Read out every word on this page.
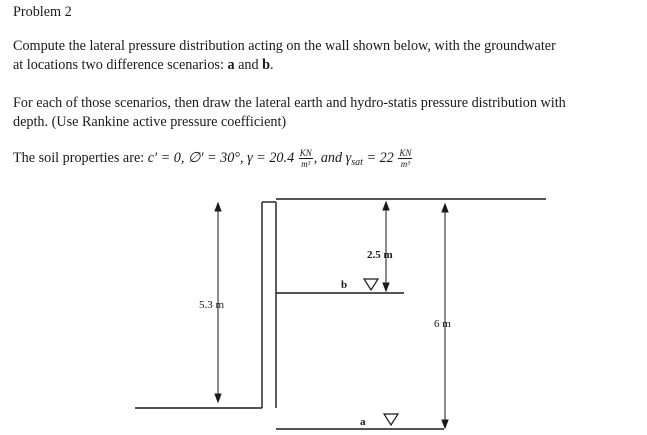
Problem 2
Compute the lateral pressure distribution acting on the wall shown below, with the groundwater
at locations two difference scenarios: a and b.
For each of those scenarios, then draw the lateral earth and hydro-statis pressure distribution with
depth. (Use Rankine active pressure coefficient)
The soil properties are: c′ = 0, ∅′ = 30°, $\gamma = 20.4 \frac{KN}{\text{m³}}$ , and $\gamma_{sat} = 22 \frac{KN}{\text{m³}}$
5.3 m
6 m
2.5 m
b
a
